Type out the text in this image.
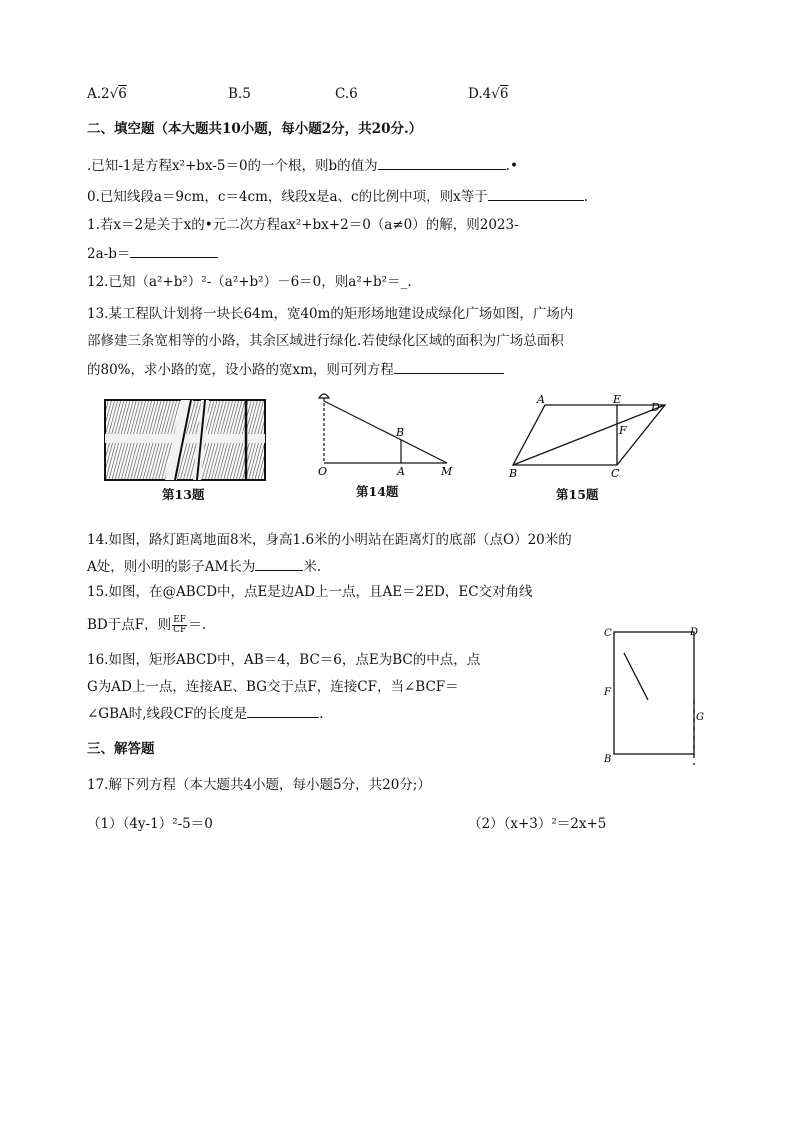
A.2√6	B.5	C.6	D.4√6
二、填空题（本大题共10小题，每小题2分，共20分.）
.已知-1是方程x²+bx-5＝0的一个根，则b的值为	.•
0.已知线段a＝9cm，c＝4cm，线段x是a、c的比例中项，则x等于	.
1.若x＝2是关于x的•元二次方程ax²+bx+2＝0（a≠0）的解，则2023-
2a-b＝
12.已知（a²+b²）²-（a²+b²）－6＝0，则a²+b²＝_.
13.某工程队计划将一块长64m，宽40m的矩形场地建设成绿化广场如图，广场内
部修建三条宽相等的小路，其余区域进行绿化.若使绿化区域的面积为广场总面积
的80%，求小路的宽，设小路的宽xm，则可列方程
第13题
O	A	M
B
第14题
A	E
D
F
B	C
第15题
14.如图，路灯距离地面8米，身高1.6米的小明站在距离灯的底部（点O）20米的
A处，则小明的影子AM长为	米.
15.如图，在@ABCD中，点E是边AD上一点，且AE＝2ED，EC交对角线
BD于点F，则 $\frac{EF}{CF}$ ＝.
C	D
F
G
B
16.如图，矩形ABCD中，AB＝4，BC＝6，点E为BC的中点，点
G为AD上一点，连接AE、BG交于点F，连接CF，当∠BCF＝
∠GBA时,线段CF的长度是	.
三、解答题
17.解下列方程（本大题共4小题，每小题5分，共20分;）
（1）（4y-1）²-5＝0	（2）（x+3）²＝2x+5
